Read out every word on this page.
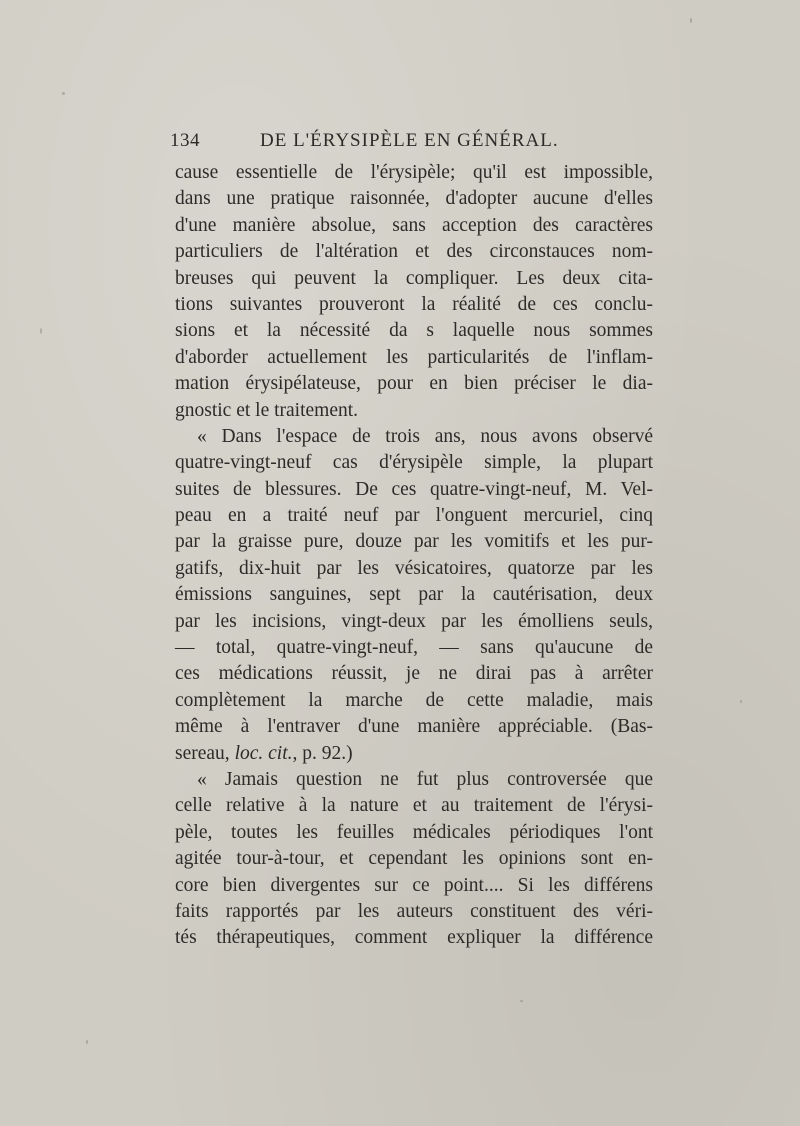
134	DE L'ÉRYSIPÈLE EN GÉNÉRAL.
cause essentielle de l'érysipèle; qu'il est impossible,
dans une pratique raisonnée, d'adopter aucune d'elles
d'une manière absolue, sans acception des caractères
particuliers de l'altération et des circonstauces nom-
breuses qui peuvent la compliquer. Les deux cita-
tions suivantes prouveront la réalité de ces conclu-
sions et la nécessité da s laquelle nous sommes
d'aborder actuellement les particularités de l'inflam-
mation érysipélateuse, pour en bien préciser le dia-
gnostic et le traitement.
« Dans l'espace de trois ans, nous avons observé
quatre-vingt-neuf cas d'érysipèle simple, la plupart
suites de blessures. De ces quatre-vingt-neuf, M. Vel-
peau en a traité neuf par l'onguent mercuriel, cinq
par la graisse pure, douze par les vomitifs et les pur-
gatifs, dix-huit par les vésicatoires, quatorze par les
émissions sanguines, sept par la cautérisation, deux
par les incisions, vingt-deux par les émolliens seuls,
— total, quatre-vingt-neuf, — sans qu'aucune de
ces médications réussit, je ne dirai pas à arrêter
complètement la marche de cette maladie, mais
même à l'entraver d'une manière appréciable. (Bas-
sereau, loc. cit., p. 92.)
« Jamais question ne fut plus controversée que
celle relative à la nature et au traitement de l'érysi-
pèle, toutes les feuilles médicales périodiques l'ont
agitée tour-à-tour, et cependant les opinions sont en-
core bien divergentes sur ce point.... Si les différens
faits rapportés par les auteurs constituent des véri-
tés thérapeutiques, comment expliquer la différence
